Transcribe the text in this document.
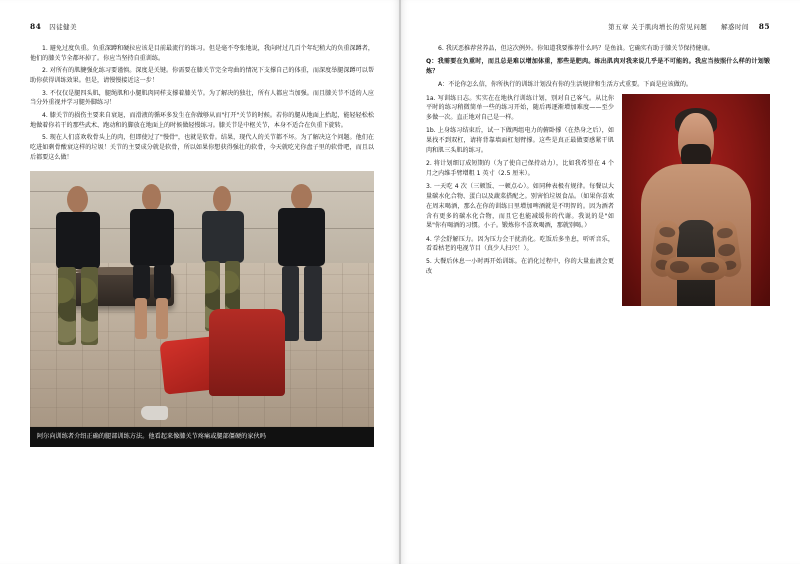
84 囚徒健美

1. 避免过度负重。负重深蹲和硬拉应该是目前最流行的练习。但是毫不夸张地说，我向时过几百个年纪稍大的负重深蹲者，他们的膝关节全都坏掉了。你应当坚持自重训练。

2. 对所有的肌腱强化练习要谨慎。深度是关键。你需要在膝关节完全弯曲的情况下支撑自己的体重，而深度举腿深蹲可以帮助你获得训练效果。但是，请慢慢接近这一步！

3. 不仅仅是腿四头肌，腿绳肌和小腿肌肉同样支撑着膝关节。为了解决的独壮，所有人都应当加强。而且膝关节不适的人应当分外重视并学习腿外脚练习！

4. 膝关节的损伤主要来自衰退，而滑液的循环多发生在你做够从而"打开"关节的时候。若你的腿从地面上抬起，能轻轻松松地做着你若干的那些武术、跑动和的脚放在地面上的时候做轻慢练习。膝关节是中枢关节，本身不适合在负重下旋转。

5. 现在人们喜欢收骨头上的肉，但即使过了"慢骨"，也就是软骨。结果，现代人的关节都不坏。为了解决这个问题。他们在吃进如剩骨酸衰这样的垃圾！关节的主要成分就是软骨，所以如果你想获得强壮的软骨，今天就吃光你盘子里的软骨吧，而且以后都要这么做！

阿尔向训练者介绍正确的腿部训练方法。他看起来像膝关节疼痛或腿部僵硬的家伙吗
第五章 关于肌肉增长的常见问题 解惑时间 85

6. 我厌恶推荐营养品，但这次例外。你知道我要推荐什么吗？是鱼油。它确实有助于膝关节保持健康。

Q：我需要在负重时，而且总是难以增加体重，那些是肥肉。练出肌肉对我来说几乎是不可能的。我应当按照什么样的计划锻炼？

A：不论你怎么信，你所执行的训练计划没有你的生活规律和生活方式重要。下面是应该做的。

1a. 写训练日志。实实在在地执行训练计划，别对自己客气。从比你平时的练习稍微简单一些的练习开始，随后再逐渐增加难度——至少多做一次。直正地对自己是一样。

1b. 上身练习结束后，试一下做两组电力的俯卧撑（在热身之后），如果找不到双杠，请将背靠墙面杠划臂撑。这些是真正最做要感紧干肌肉和肌三头肌的练习。

2. 将计划细订成短期的（为了使自己保持动力），比如我希望在 4 个月之内维手臂增粗 1 英寸（2.5 厘米）。

3. 一天吃 4 次（三顿饭、一顿点心）。如同种表极有规律。每餐以大量碳水化合物、蛋白以及蔬菜搭配之。别害怕垃圾食品。（如果你喜欢在周末喝酒，那么在你的训练日里增加啤酒就是不明智的。因为酒者含有更多的碳水化合物，而且它也能减缓你的代谢。我说的是"如果"你有喝酒的习惯。小子。锻炼你不喜欢喝酒，那就别喝。）

4. 学会舒解压力。因为压力会干扰消化。吃饭后多坐息，听听音乐，看看枯老的电视节目（真少人扫兴！）。

5. 大餐后休息一小时再开始训练。在消化过程中，你的大量血液会更改
